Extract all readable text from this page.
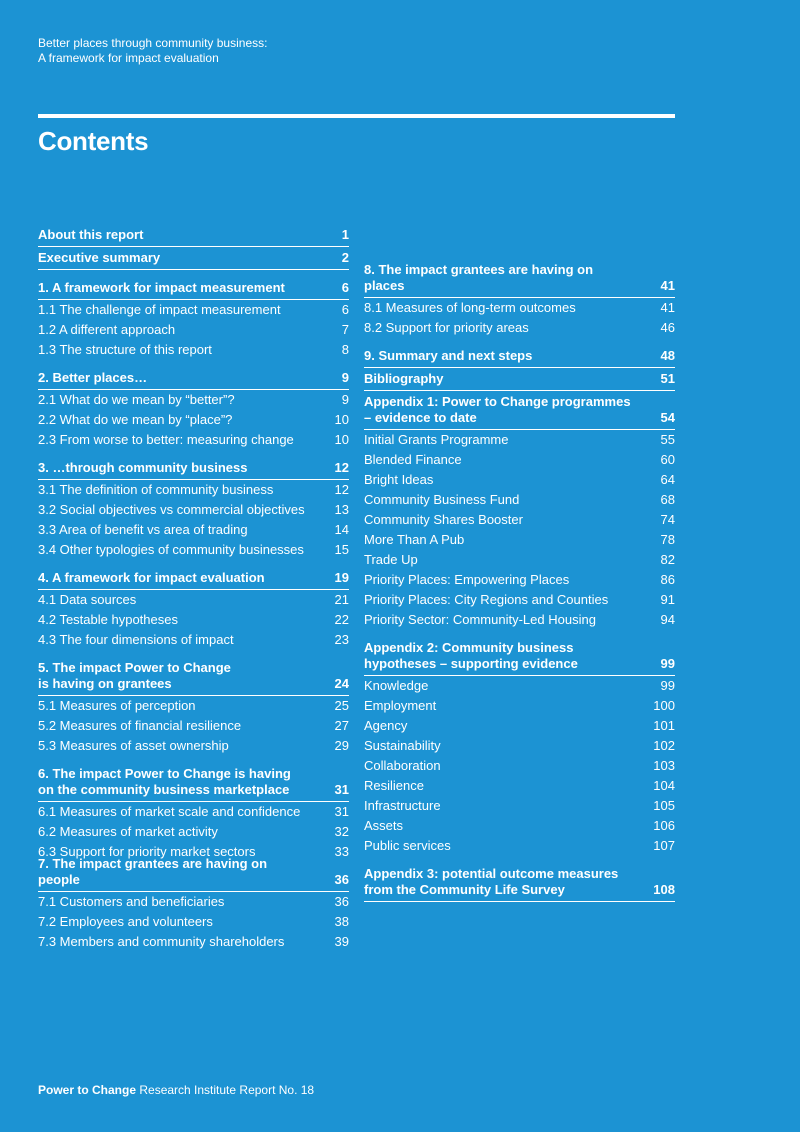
Better places through community business:
A framework for impact evaluation
Contents
About this report	1
Executive summary	2
1. A framework for impact measurement	6
1.1 The challenge of impact measurement	6
1.2 A different approach	7
1.3 The structure of this report	8
2. Better places…	9
2.1 What do we mean by “better”?	9
2.2 What do we mean by “place”?	10
2.3 From worse to better: measuring change	10
3. …through community business	12
3.1 The definition of community business	12
3.2 Social objectives vs commercial objectives	13
3.3 Area of benefit vs area of trading	14
3.4 Other typologies of community businesses	15
4. A framework for impact evaluation	19
4.1 Data sources	21
4.2 Testable hypotheses	22
4.3 The four dimensions of impact	23
5. The impact Power to Change
is having on grantees	24
5.1 Measures of perception	25
5.2 Measures of financial resilience	27
5.3 Measures of asset ownership	29
6. The impact Power to Change is having
on the community business marketplace	31
6.1 Measures of market scale and confidence	31
6.2 Measures of market activity	32
6.3 Support for priority market sectors	33
7. The impact grantees are having on people	36
7.1 Customers and beneficiaries	36
7.2 Employees and volunteers	38
7.3 Members and community shareholders	39
8. The impact grantees are having on places	41
8.1 Measures of long-term outcomes	41
8.2 Support for priority areas	46
9. Summary and next steps	48
Bibliography	51
Appendix 1: Power to Change programmes
– evidence to date	54
Initial Grants Programme	55
Blended Finance	60
Bright Ideas	64
Community Business Fund	68
Community Shares Booster	74
More Than A Pub	78
Trade Up	82
Priority Places: Empowering Places	86
Priority Places: City Regions and Counties	91
Priority Sector: Community-Led Housing	94
Appendix 2: Community business
hypotheses – supporting evidence	99
Knowledge	99
Employment	100
Agency	101
Sustainability	102
Collaboration	103
Resilience	104
Infrastructure	105
Assets	106
Public services	107
Appendix 3: potential outcome measures
from the Community Life Survey	108
Power to Change Research Institute Report No. 18
